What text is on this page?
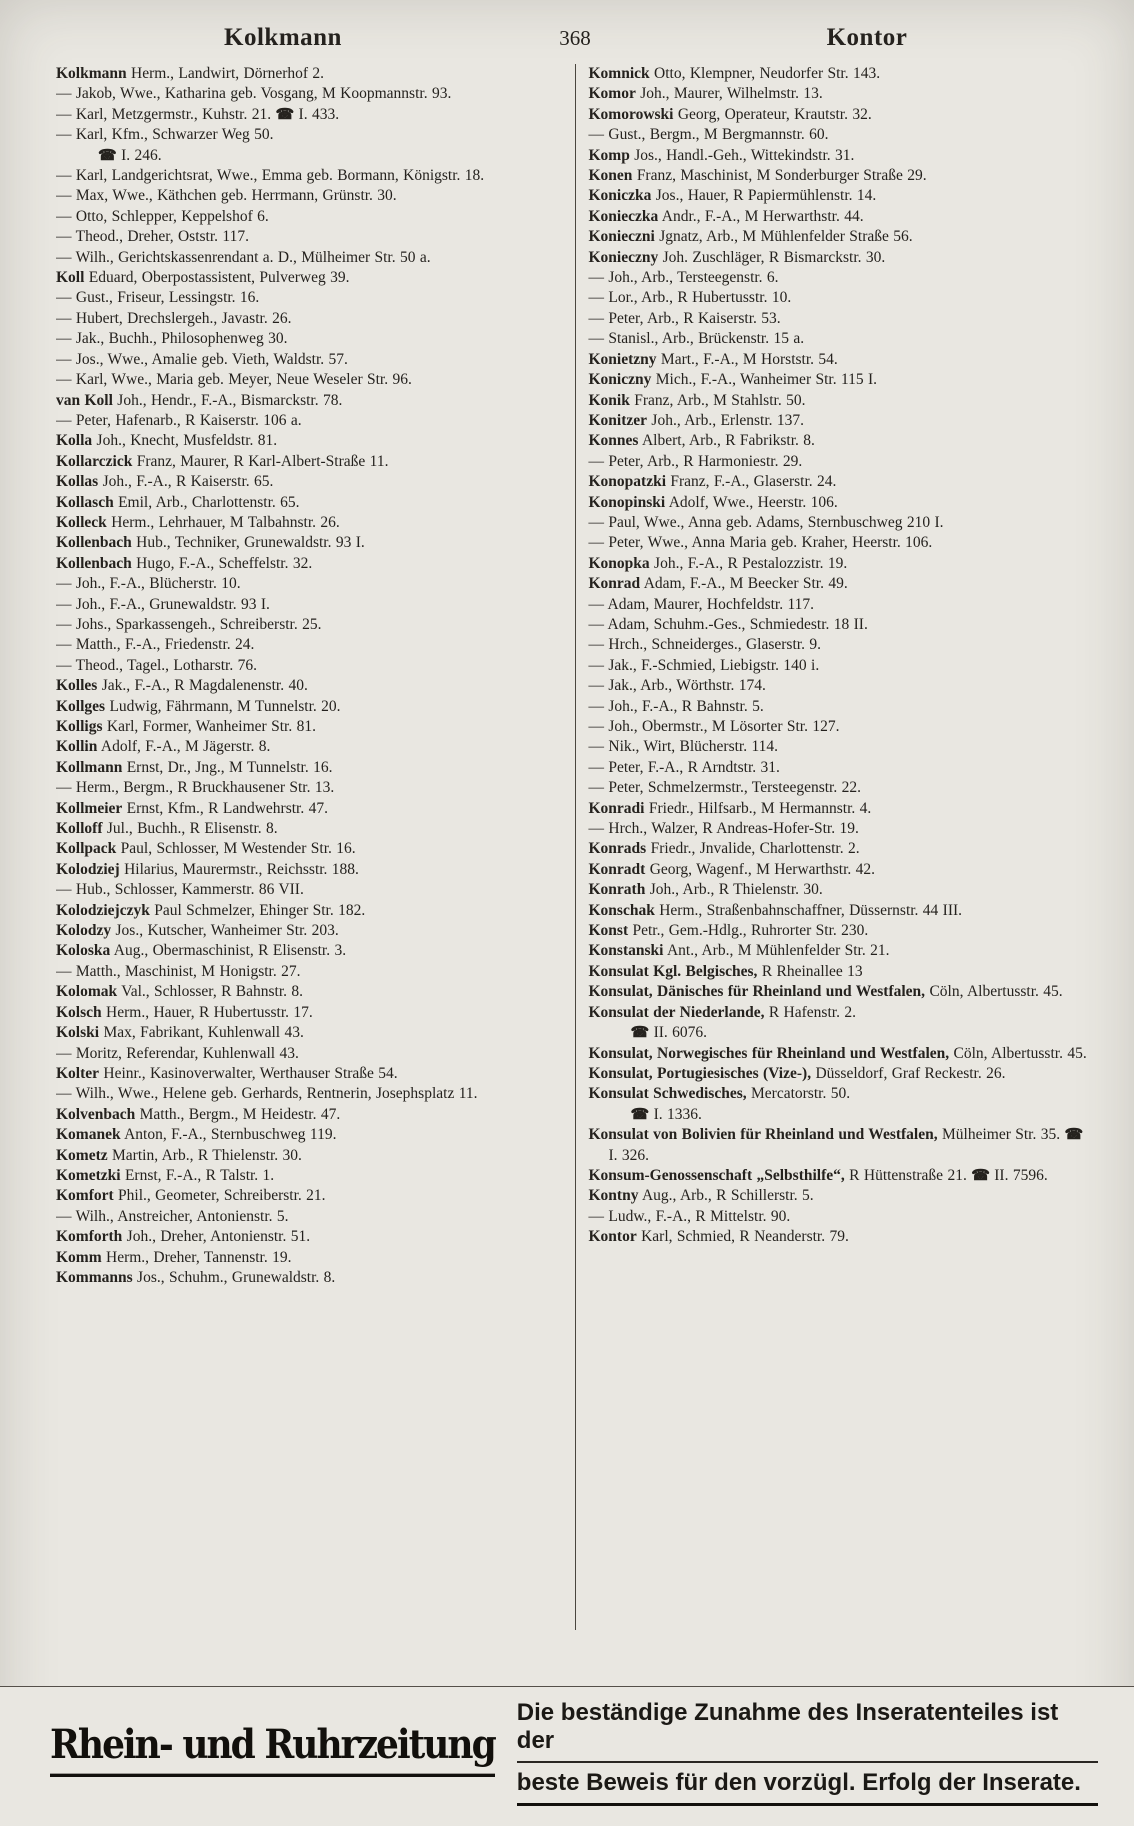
Kolkmann	368	Kontor

Kolkmann Herm., Landwirt, Dörnerhof 2.

— Jakob, Wwe., Katharina geb. Vosgang, M Koopmannstr. 93.

— Karl, Metzgermstr., Kuhstr. 21. ☎ I. 433.

— Karl, Kfm., Schwarzer Weg 50.

☎ I. 246.

— Karl, Landgerichtsrat, Wwe., Emma geb. Bormann, Königstr. 18.

— Max, Wwe., Käthchen geb. Herrmann, Grünstr. 30.

— Otto, Schlepper, Keppelshof 6.

— Theod., Dreher, Oststr. 117.

— Wilh., Gerichtskassenrendant a. D., Mülheimer Str. 50 a.

Koll Eduard, Oberpostassistent, Pulverweg 39.

— Gust., Friseur, Lessingstr. 16.

— Hubert, Drechslergeh., Javastr. 26.

— Jak., Buchh., Philosophenweg 30.

— Jos., Wwe., Amalie geb. Vieth, Waldstr. 57.

— Karl, Wwe., Maria geb. Meyer, Neue Weseler Str. 96.

van Koll Joh., Hendr., F.-A., Bismarckstr. 78.

— Peter, Hafenarb., R Kaiserstr. 106 a.

Kolla Joh., Knecht, Musfeldstr. 81.

Kollarczick Franz, Maurer, R Karl-Albert-Straße 11.

Kollas Joh., F.-A., R Kaiserstr. 65.

Kollasch Emil, Arb., Charlottenstr. 65.

Kolleck Herm., Lehrhauer, M Talbahnstr. 26.

Kollenbach Hub., Techniker, Grunewaldstr. 93 I.

Kollenbach Hugo, F.-A., Scheffelstr. 32.

— Joh., F.-A., Blücherstr. 10.

— Joh., F.-A., Grunewaldstr. 93 I.

— Johs., Sparkassengeh., Schreiberstr. 25.

— Matth., F.-A., Friedenstr. 24.

— Theod., Tagel., Lotharstr. 76.

Kolles Jak., F.-A., R Magdalenenstr. 40.

Kollges Ludwig, Fährmann, M Tunnelstr. 20.

Kolligs Karl, Former, Wanheimer Str. 81.

Kollin Adolf, F.-A., M Jägerstr. 8.

Kollmann Ernst, Dr., Jng., M Tunnelstr. 16.

— Herm., Bergm., R Bruckhausener Str. 13.

Kollmeier Ernst, Kfm., R Landwehrstr. 47.

Kolloff Jul., Buchh., R Elisenstr. 8.

Kollpack Paul, Schlosser, M Westender Str. 16.

Kolodziej Hilarius, Maurermstr., Reichsstr. 188.

— Hub., Schlosser, Kammerstr. 86 VII.

Kolodziejczyk Paul Schmelzer, Ehinger Str. 182.

Kolodzy Jos., Kutscher, Wanheimer Str. 203.

Koloska Aug., Obermaschinist, R Elisenstr. 3.

— Matth., Maschinist, M Honigstr. 27.

Kolomak Val., Schlosser, R Bahnstr. 8.

Kolsch Herm., Hauer, R Hubertusstr. 17.

Kolski Max, Fabrikant, Kuhlenwall 43.

— Moritz, Referendar, Kuhlenwall 43.

Kolter Heinr., Kasinoverwalter, Werthauser Straße 54.

— Wilh., Wwe., Helene geb. Gerhards, Rentnerin, Josephsplatz 11.

Kolvenbach Matth., Bergm., M Heidestr. 47.

Komanek Anton, F.-A., Sternbuschweg 119.

Kometz Martin, Arb., R Thielenstr. 30.

Kometzki Ernst, F.-A., R Talstr. 1.

Komfort Phil., Geometer, Schreiberstr. 21.

— Wilh., Anstreicher, Antonienstr. 5.

Komforth Joh., Dreher, Antonienstr. 51.

Komm Herm., Dreher, Tannenstr. 19.

Kommanns Jos., Schuhm., Grunewaldstr. 8.

Komnick Otto, Klempner, Neudorfer Str. 143.

Komor Joh., Maurer, Wilhelmstr. 13.

Komorowski Georg, Operateur, Krautstr. 32.

— Gust., Bergm., M Bergmannstr. 60.

Komp Jos., Handl.-Geh., Wittekindstr. 31.

Konen Franz, Maschinist, M Sonderburger Straße 29.

Koniczka Jos., Hauer, R Papiermühlenstr. 14.

Konieczka Andr., F.-A., M Herwarthstr. 44.

Konieczni Jgnatz, Arb., M Mühlenfelder Straße 56.

Konieczny Joh. Zuschläger, R Bismarckstr. 30.

— Joh., Arb., Tersteegenstr. 6.

— Lor., Arb., R Hubertusstr. 10.

— Peter, Arb., R Kaiserstr. 53.

— Stanisl., Arb., Brückenstr. 15 a.

Konietzny Mart., F.-A., M Horststr. 54.

Koniczny Mich., F.-A., Wanheimer Str. 115 I.

Konik Franz, Arb., M Stahlstr. 50.

Konitzer Joh., Arb., Erlenstr. 137.

Konnes Albert, Arb., R Fabrikstr. 8.

— Peter, Arb., R Harmoniestr. 29.

Konopatzki Franz, F.-A., Glaserstr. 24.

Konopinski Adolf, Wwe., Heerstr. 106.

— Paul, Wwe., Anna geb. Adams, Sternbuschweg 210 I.

— Peter, Wwe., Anna Maria geb. Kraher, Heerstr. 106.

Konopka Joh., F.-A., R Pestalozzistr. 19.

Konrad Adam, F.-A., M Beecker Str. 49.

— Adam, Maurer, Hochfeldstr. 117.

— Adam, Schuhm.-Ges., Schmiedestr. 18 II.

— Hrch., Schneiderges., Glaserstr. 9.

— Jak., F.-Schmied, Liebigstr. 140 i.

— Jak., Arb., Wörthstr. 174.

— Joh., F.-A., R Bahnstr. 5.

— Joh., Obermstr., M Lösorter Str. 127.

— Nik., Wirt, Blücherstr. 114.

— Peter, F.-A., R Arndtstr. 31.

— Peter, Schmelzermstr., Tersteegenstr. 22.

Konradi Friedr., Hilfsarb., M Hermannstr. 4.

— Hrch., Walzer, R Andreas-Hofer-Str. 19.

Konrads Friedr., Jnvalide, Charlottenstr. 2.

Konradt Georg, Wagenf., M Herwarthstr. 42.

Konrath Joh., Arb., R Thielenstr. 30.

Konschak Herm., Straßenbahnschaffner, Düssernstr. 44 III.

Konst Petr., Gem.-Hdlg., Ruhrorter Str. 230.

Konstanski Ant., Arb., M Mühlenfelder Str. 21.

Konsulat Kgl. Belgisches, R Rheinallee 13

Konsulat, Dänisches für Rheinland und Westfalen, Cöln, Albertusstr. 45.

Konsulat der Niederlande, R Hafenstr. 2.

☎ II. 6076.

Konsulat, Norwegisches für Rheinland und Westfalen, Cöln, Albertusstr. 45.

Konsulat, Portugiesisches (Vize-), Düsseldorf, Graf Reckestr. 26.

Konsulat Schwedisches, Mercatorstr. 50.

☎ I. 1336.

Konsulat von Bolivien für Rheinland und Westfalen, Mülheimer Str. 35. ☎ I. 326.

Konsum-Genossenschaft „Selbsthilfe“, R Hüttenstraße 21. ☎ II. 7596.

Kontny Aug., Arb., R Schillerstr. 5.

— Ludw., F.-A., R Mittelstr. 90.

Kontor Karl, Schmied, R Neanderstr. 79.

Rhein- und Ruhrzeitung
Die beständige Zunahme des Inseratenteiles ist der
beste Beweis für den vorzügl. Erfolg der Inserate.
